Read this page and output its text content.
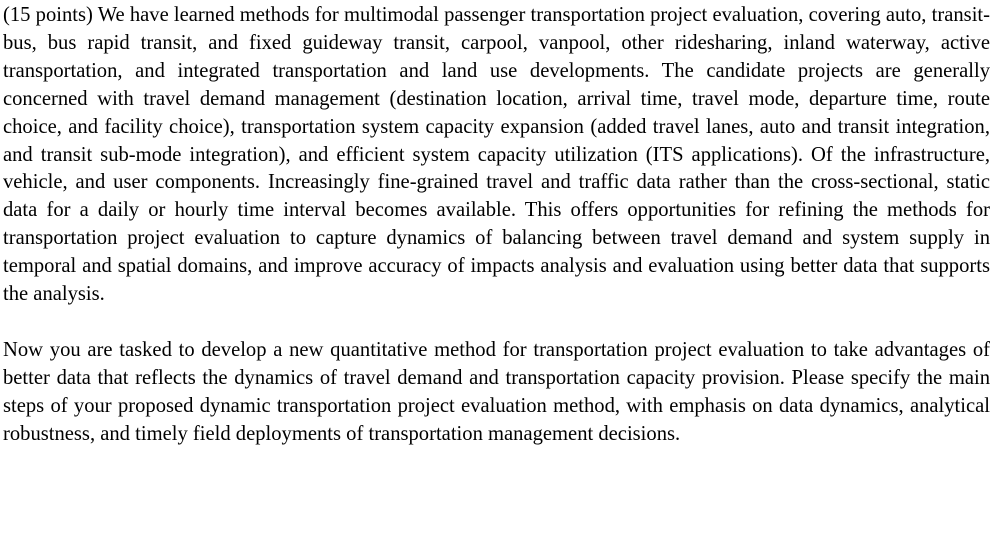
(15 points) We have learned methods for multimodal passenger transportation project evaluation, covering auto, transit-bus, bus rapid transit, and fixed guideway transit, carpool, vanpool, other ridesharing, inland waterway, active transportation, and integrated transportation and land use developments. The candidate projects are generally concerned with travel demand management (destination location, arrival time, travel mode, departure time, route choice, and facility choice), transportation system capacity expansion (added travel lanes, auto and transit integration, and transit sub-mode integration), and efficient system capacity utilization (ITS applications). Of the infrastructure, vehicle, and user components. Increasingly fine-grained travel and traffic data rather than the cross-sectional, static data for a daily or hourly time interval becomes available. This offers opportunities for refining the methods for transportation project evaluation to capture dynamics of balancing between travel demand and system supply in temporal and spatial domains, and improve accuracy of impacts analysis and evaluation using better data that supports the analysis.

Now you are tasked to develop a new quantitative method for transportation project evaluation to take advantages of better data that reflects the dynamics of travel demand and transportation capacity provision. Please specify the main steps of your proposed dynamic transportation project evaluation method, with emphasis on data dynamics, analytical robustness, and timely field deployments of transportation management decisions.
